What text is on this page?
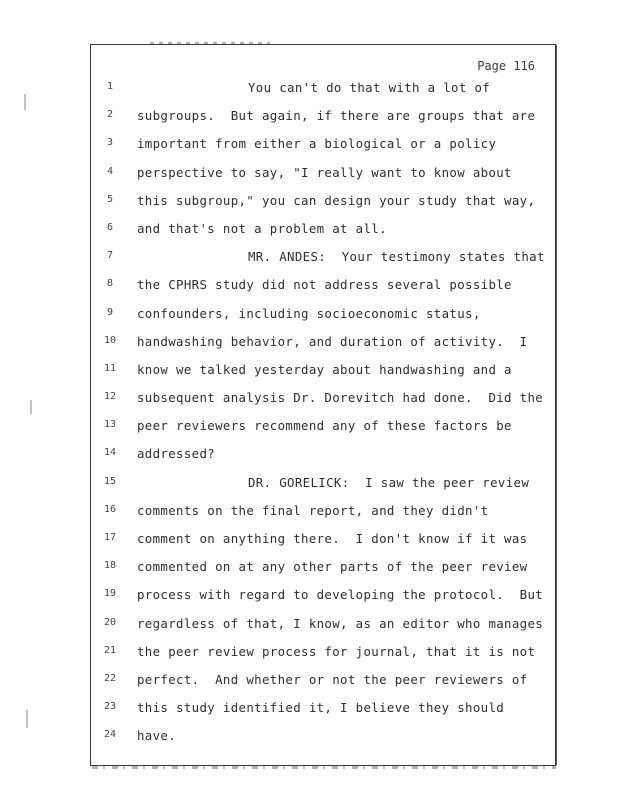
Page 116
1	You can't do that with a lot of
2	subgroups.  But again, if there are groups that are
3	important from either a biological or a policy
4	perspective to say, "I really want to know about
5	this subgroup," you can design your study that way,
6	and that's not a problem at all.
7	MR. ANDES:  Your testimony states that
8	the CPHRS study did not address several possible
9	confounders, including socioeconomic status,
10	handwashing behavior, and duration of activity.  I
11	know we talked yesterday about handwashing and a
12	subsequent analysis Dr. Dorevitch had done.  Did the
13	peer reviewers recommend any of these factors be
14	addressed?
15	DR. GORELICK:  I saw the peer review
16	comments on the final report, and they didn't
17	comment on anything there.  I don't know if it was
18	commented on at any other parts of the peer review
19	process with regard to developing the protocol.  But
20	regardless of that, I know, as an editor who manages
21	the peer review process for journal, that it is not
22	perfect.  And whether or not the peer reviewers of
23	this study identified it, I believe they should
24	have.
